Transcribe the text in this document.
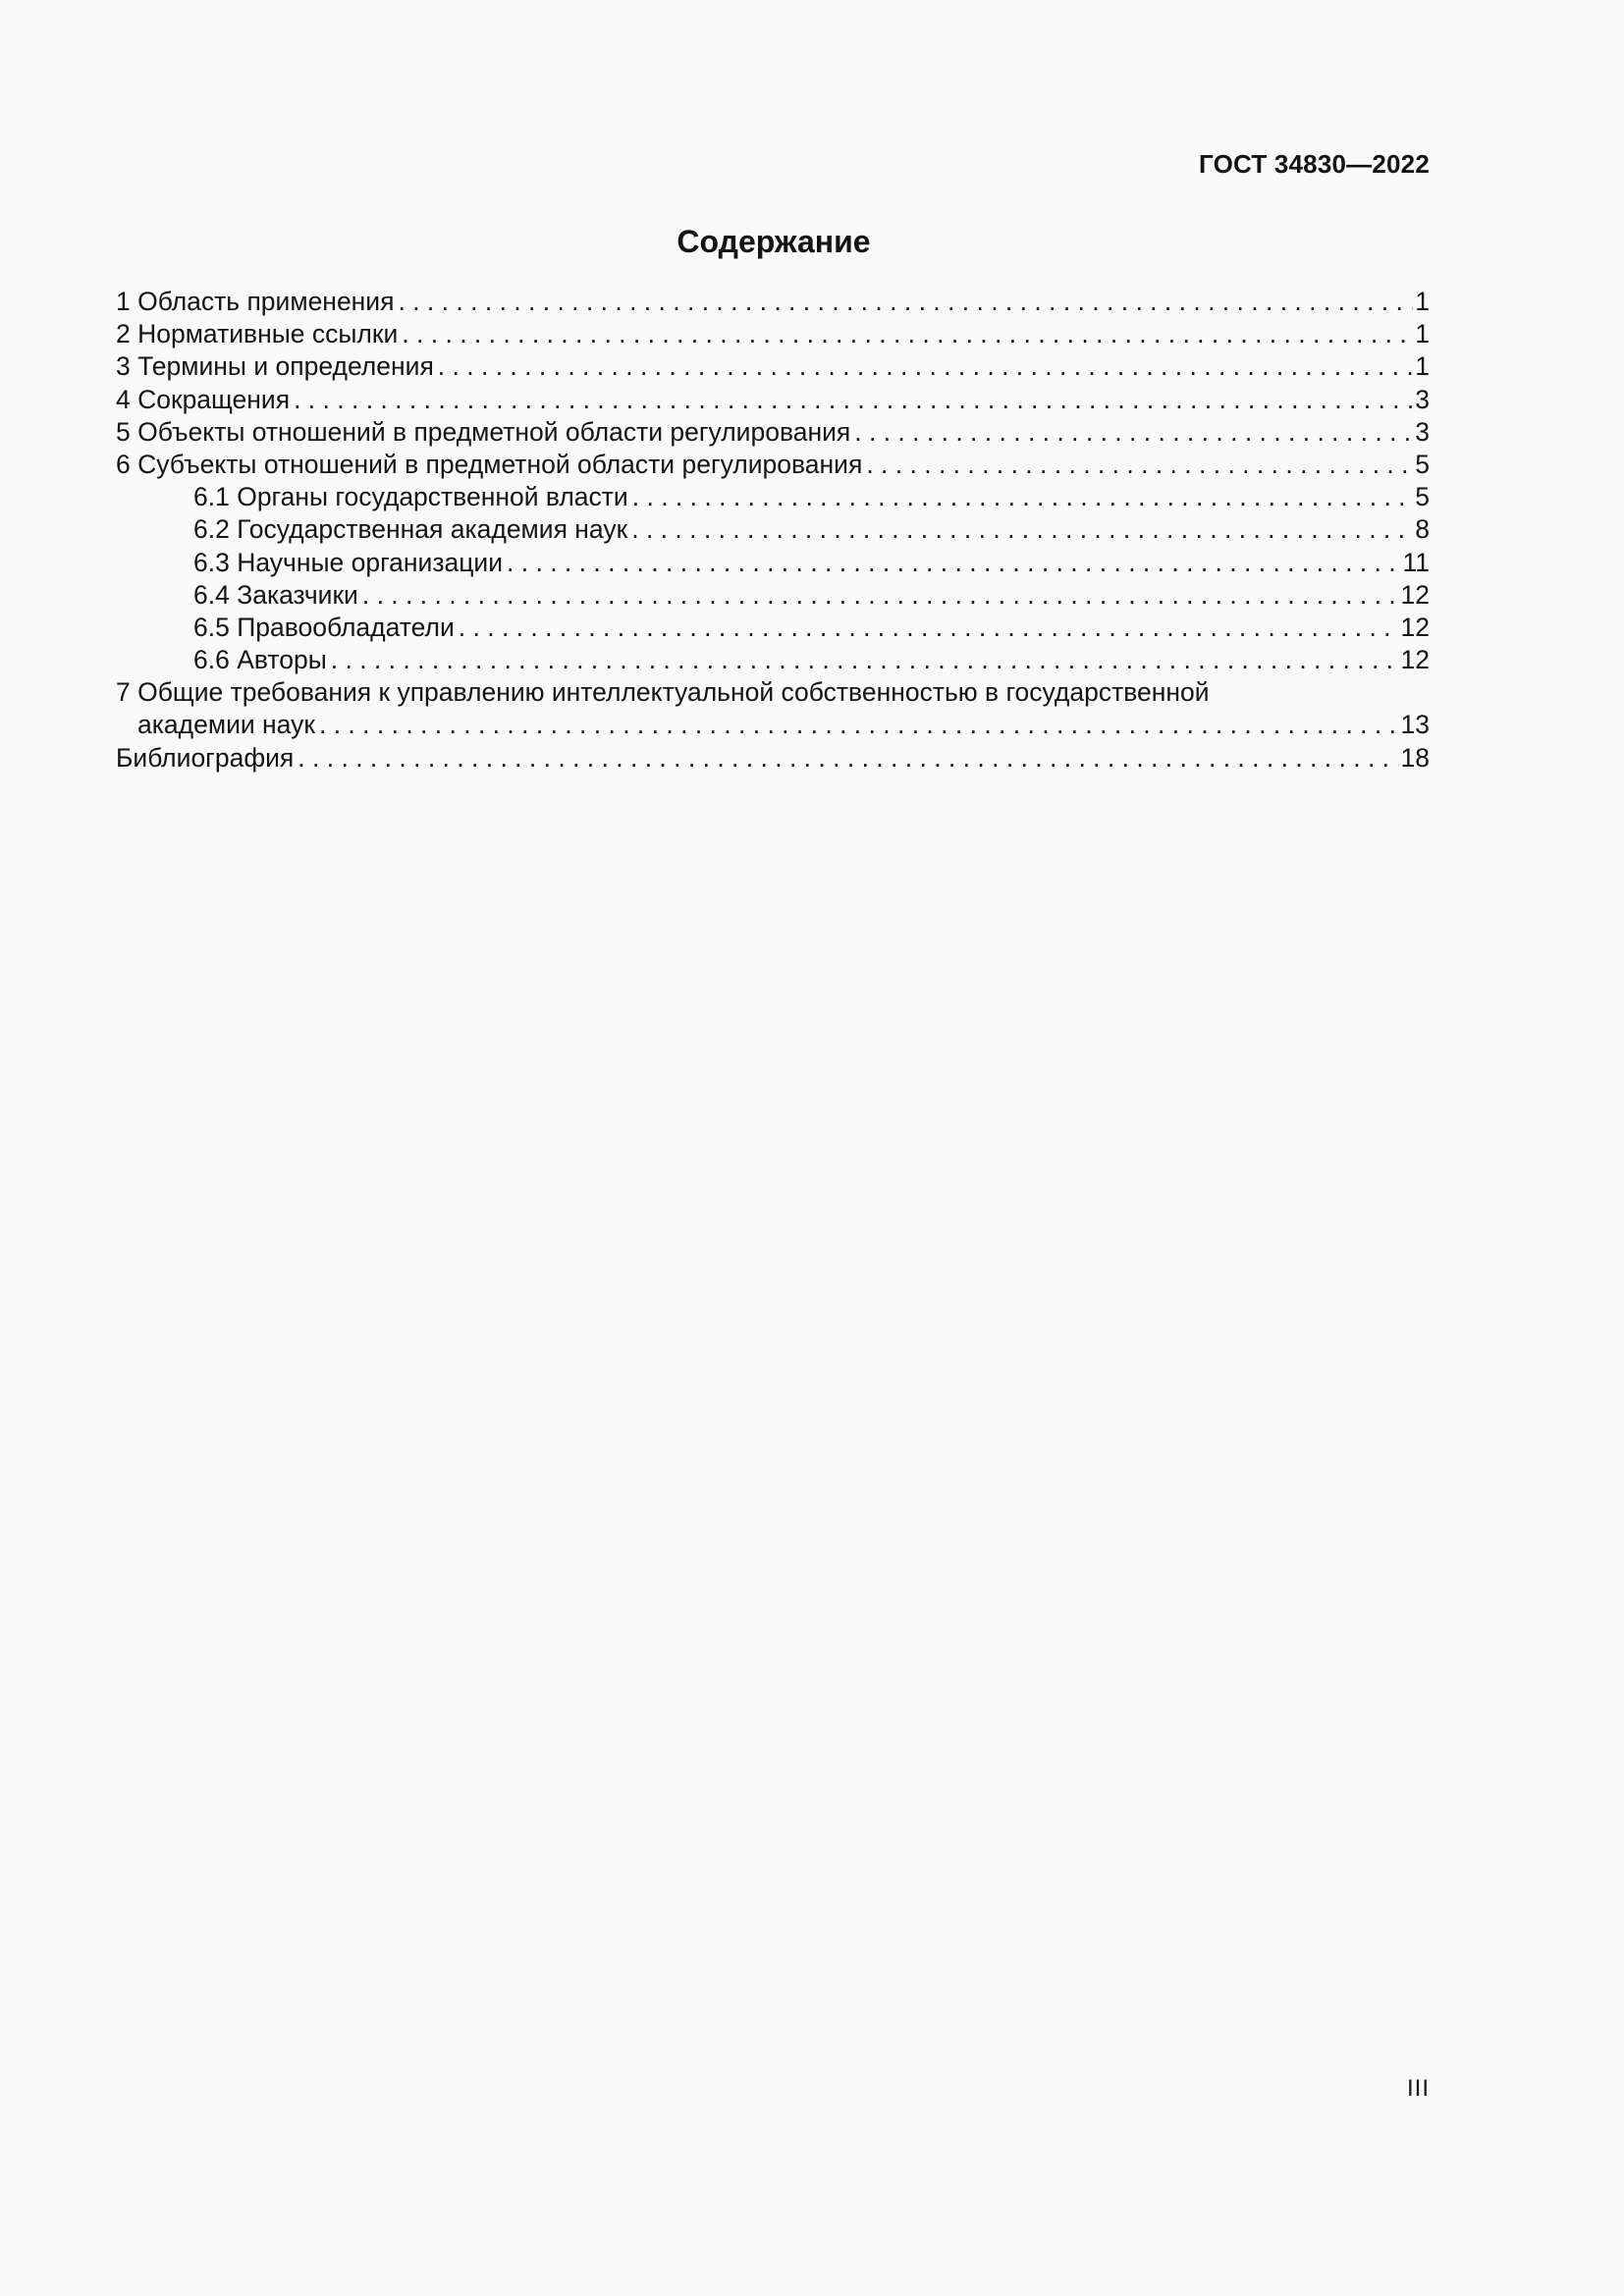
ГОСТ 34830—2022
Содержание
1 Область применения . . .	1
2 Нормативные ссылки . . .	1
3 Термины и определения . . .	1
4 Сокращения . . .	3
5 Объекты отношений в предметной области регулирования . . .	3
6 Субъекты отношений в предметной области регулирования . . .	5
6.1 Органы государственной власти . . .	5
6.2 Государственная академия наук . . .	8
6.3 Научные организации . . .	11
6.4 Заказчики . . .	12
6.5 Правообладатели . . .	12
6.6 Авторы . . .	12
7 Общие требования к управлению интеллектуальной собственностью в государственной
академии наук . . .	13
Библиография . . .	18
III
